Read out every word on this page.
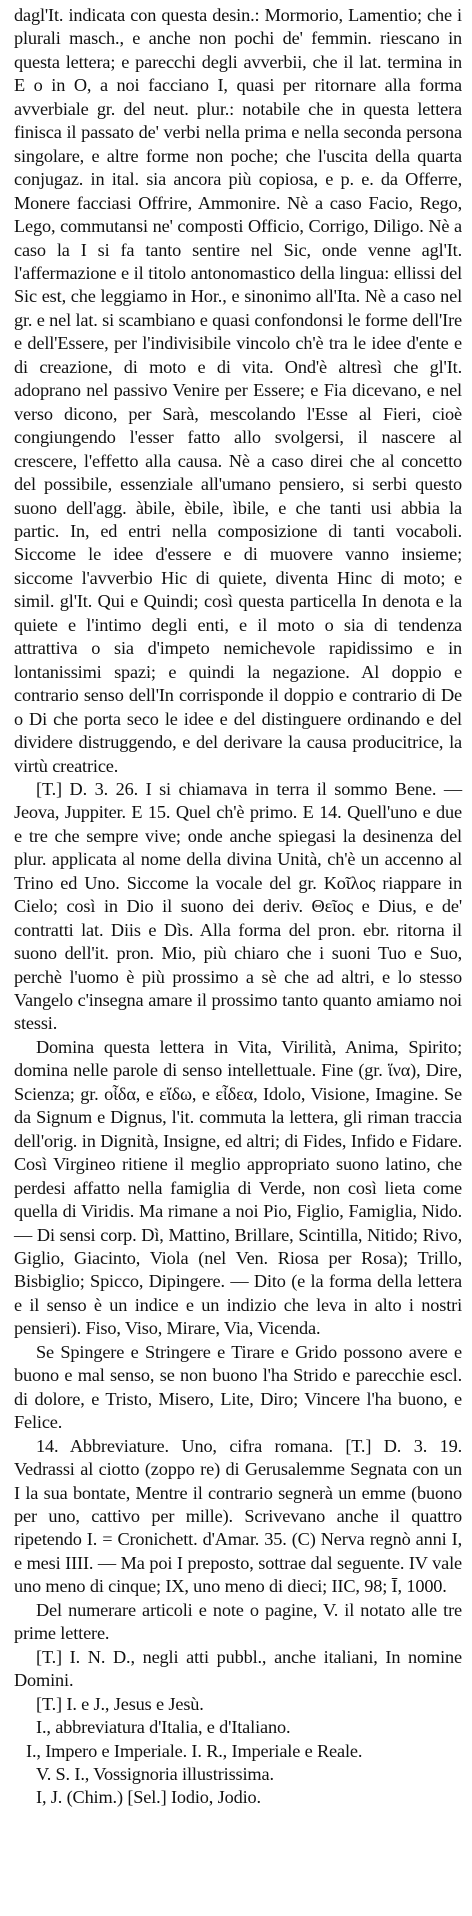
dagl'It. indicata con questa desin.: Mormorio, Lamentio; che i plurali masch., e anche non pochi de' femmin. riescano in questa lettera; e parecchi degli avverbii, che il lat. termina in E o in O, a noi facciano I, quasi per ritornare alla forma avverbiale gr. del neut. plur.: notabile che in questa lettera finisca il passato de' verbi nella prima e nella seconda persona singolare, e altre forme non poche; che l'uscita della quarta conjugaz. in ital. sia ancora più copiosa, e p. e. da Offerre, Monere facciasi Offrire, Ammonire. Nè a caso Facio, Rego, Lego, commutansi ne' composti Officio, Corrigo, Diligo. Nè a caso la I si fa tanto sentire nel Sic, onde venne agl'It. l'affermazione e il titolo antonomastico della lingua: ellissi del Sic est, che leggiamo in Hor., e sinonimo all'Ita. Nè a caso nel gr. e nel lat. si scambiano e quasi confondonsi le forme dell'Ire e dell'Essere, per l'indivisibile vincolo ch'è tra le idee d'ente e di creazione, di moto e di vita. Ond'è altresì che gl'It. adoprano nel passivo Venire per Essere; e Fia dicevano, e nel verso dicono, per Sarà, mescolando l'Esse al Fieri, cioè congiungendo l'esser fatto allo svolgersi, il nascere al crescere, l'effetto alla causa. Nè a caso direi che al concetto del possibile, essenziale all'umano pensiero, si serbi questo suono dell'agg. àbile, èbile, ìbile, e che tanti usi abbia la partic. In, ed entri nella composizione di tanti vocaboli. Siccome le idee d'essere e di muovere vanno insieme; siccome l'avverbio Hic di quiete, diventa Hinc di moto; e simil. gl'It. Qui e Quindi; così questa particella In denota e la quiete e l'intimo degli enti, e il moto o sia di tendenza attrattiva o sia d'impeto nemichevole rapidissimo e in lontanissimi spazi; e quindi la negazione. Al doppio e contrario senso dell'In corrisponde il doppio e contrario di De o Di che porta seco le idee e del distinguere ordinando e del dividere distruggendo, e del derivare la causa producitrice, la virtù creatrice.

[T.] D. 3. 26. I si chiamava in terra il sommo Bene. — Jeova, Juppiter. E 15. Quel ch'è primo. E 14. Quell'uno e due e tre che sempre vive; onde anche spiegasi la desinenza del plur. applicata al nome della divina Unità, ch'è un accenno al Trino ed Uno. Siccome la vocale del gr. Κοῖλος riappare in Cielo; così in Dio il suono dei deriv. Θεῖος e Dius, e de' contratti lat. Diis e Dìs. Alla forma del pron. ebr. ritorna il suono dell'it. pron. Mio, più chiaro che i suoni Tuo e Suo, perchè l'uomo è più prossimo a sè che ad altri, e lo stesso Vangelo c'insegna amare il prossimo tanto quanto amiamo noi stessi.

Domina questa lettera in Vita, Virilità, Anima, Spirito; domina nelle parole di senso intellettuale. Fine (gr. ἵνα), Dire, Scienza; gr. οἶδα, e εἴδω, e εἶδεα, Idolo, Visione, Imagine. Se da Signum e Dignus, l'it. commuta la lettera, gli riman traccia dell'orig. in Dignità, Insigne, ed altri; di Fides, Infido e Fidare. Così Virgineo ritiene il meglio appropriato suono latino, che perdesi affatto nella famiglia di Verde, non così lieta come quella di Viridis. Ma rimane a noi Pio, Figlio, Famiglia, Nido. — Di sensi corp. Dì, Mattino, Brillare, Scintilla, Nitido; Rivo, Giglio, Giacinto, Viola (nel Ven. Riosa per Rosa); Trillo, Bisbiglio; Spicco, Dipingere. — Dito (e la forma della lettera e il senso è un indice e un indizio che leva in alto i nostri pensieri). Fiso, Viso, Mirare, Via, Vicenda.

Se Spingere e Stringere e Tirare e Grido possono avere e buono e mal senso, se non buono l'ha Strido e parecchie escl. di dolore, e Tristo, Misero, Lite, Diro; Vincere l'ha buono, e Felice.

14. Abbreviature. Uno, cifra romana. [T.] D. 3. 19. Vedrassi al ciotto (zoppo re) di Gerusalemme Segnata con un I la sua bontate, Mentre il contrario segnerà un emme (buono per uno, cattivo per mille). Scrivevano anche il quattro ripetendo I. = Cronichett. d'Amar. 35. (C) Nerva regnò anni I, e mesi IIII. — Ma poi I preposto, sottrae dal seguente. IV vale uno meno di cinque; IX, uno meno di dieci; IIC, 98; Ī, 1000.

Del numerare articoli e note o pagine, V. il notato alle tre prime lettere.

[T.] I. N. D., negli atti pubbl., anche italiani, In nomine Domini.

[T.] I. e J., Jesus e Jesù.

I., abbreviatura d'Italia, e d'Italiano.

I., Impero e Imperiale. I. R., Imperiale e Reale.

V. S. I., Vossignoria illustrissima.

I, J. (Chim.) [Sel.] Iodio, Jodio.
